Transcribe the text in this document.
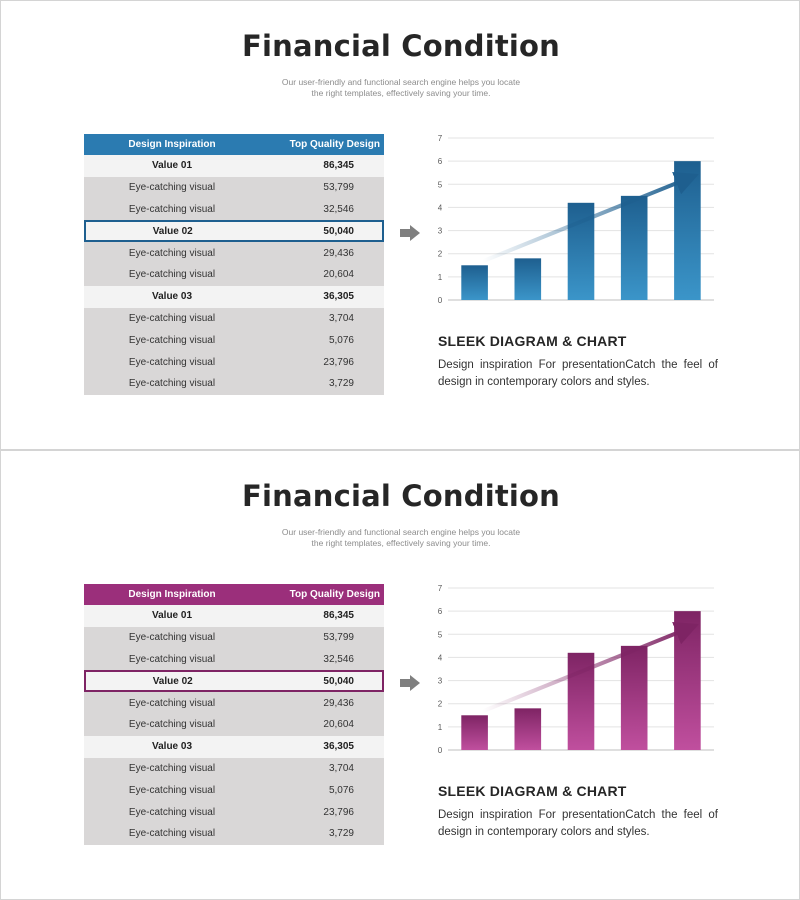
Financial Condition
Our user-friendly and functional search engine helps you locate
the right templates, effectively saving your time.
Design Inspiration	Top Quality Design
Value 01	86,345
Eye-catching visual	53,799
Eye-catching visual	32,546
Value 02	50,040
Eye-catching visual	29,436
Eye-catching visual	20,604
Value 03	36,305
Eye-catching visual	3,704
Eye-catching visual	5,076
Eye-catching visual	23,796
Eye-catching visual	3,729
0
1
2
3
4
5
6
7
SLEEK DIAGRAM & CHART
Design inspiration For presentationCatch the feel of design in contemporary colors and styles.
Financial Condition
Our user-friendly and functional search engine helps you locate
the right templates, effectively saving your time.
Design Inspiration	Top Quality Design
Value 01	86,345
Eye-catching visual	53,799
Eye-catching visual	32,546
Value 02	50,040
Eye-catching visual	29,436
Eye-catching visual	20,604
Value 03	36,305
Eye-catching visual	3,704
Eye-catching visual	5,076
Eye-catching visual	23,796
Eye-catching visual	3,729
0
1
2
3
4
5
6
7
SLEEK DIAGRAM & CHART
Design inspiration For presentationCatch the feel of design in contemporary colors and styles.
